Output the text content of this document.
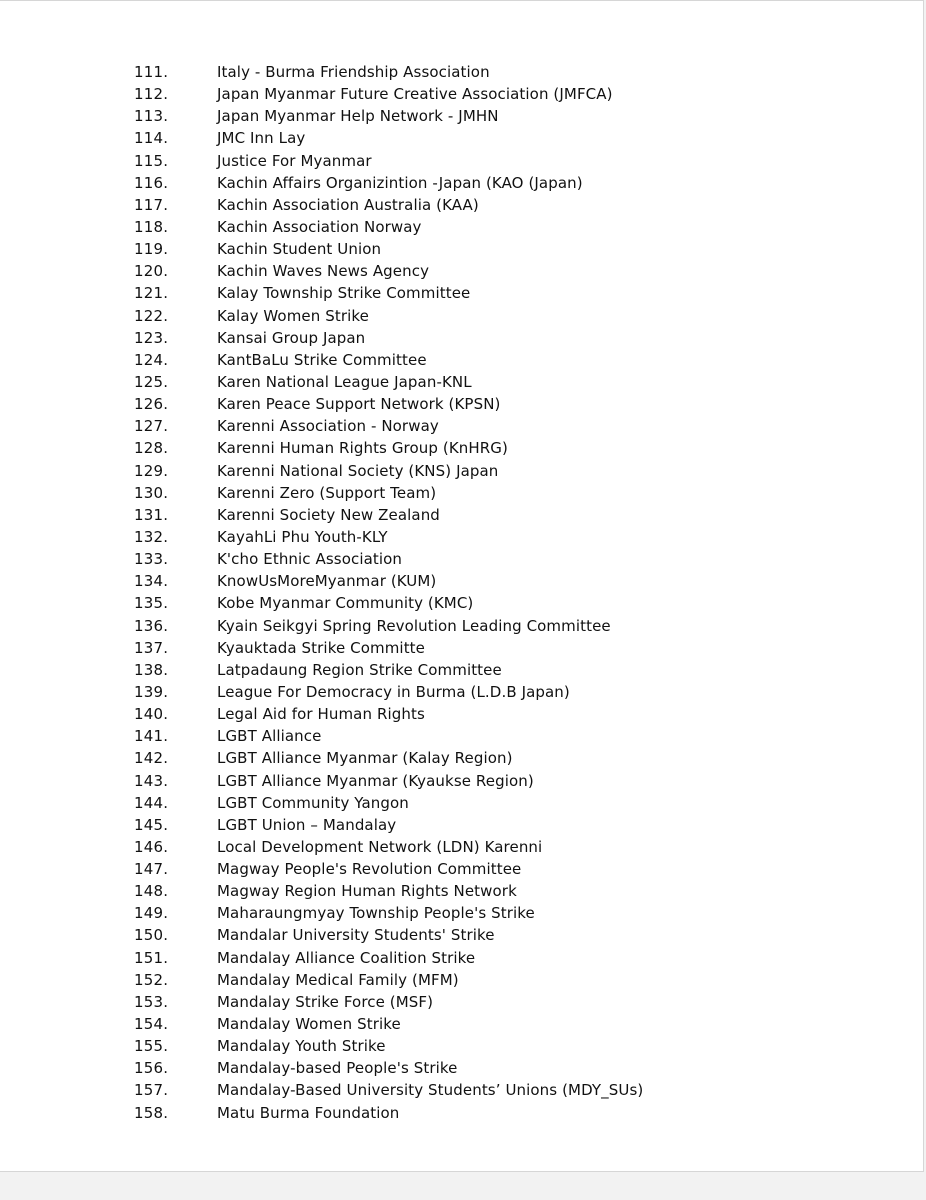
111.	Italy - Burma Friendship Association
112.	Japan Myanmar Future Creative Association (JMFCA)
113.	Japan Myanmar Help Network - JMHN
114.	JMC Inn Lay
115.	Justice For Myanmar
116.	Kachin Affairs Organizintion -Japan (KAO (Japan)
117.	Kachin Association Australia (KAA)
118.	Kachin Association Norway
119.	Kachin Student Union
120.	Kachin Waves News Agency
121.	Kalay Township Strike Committee
122.	Kalay Women Strike
123.	Kansai Group Japan
124.	KantBaLu Strike Committee
125.	Karen National League Japan-KNL
126.	Karen Peace Support Network (KPSN)
127.	Karenni Association - Norway
128.	Karenni Human Rights Group (KnHRG)
129.	Karenni National Society (KNS) Japan
130.	Karenni Zero (Support Team)
131.	Karenni Society New Zealand
132.	KayahLi Phu Youth-KLY
133.	K'cho Ethnic Association
134.	KnowUsMoreMyanmar (KUM)
135.	Kobe Myanmar Community (KMC)
136.	Kyain Seikgyi Spring Revolution Leading Committee
137.	Kyauktada Strike Committe
138.	Latpadaung Region Strike Committee
139.	League For Democracy in Burma (L.D.B Japan)
140.	Legal Aid for Human Rights
141.	LGBT Alliance
142.	LGBT Alliance Myanmar (Kalay Region)
143.	LGBT Alliance Myanmar (Kyaukse Region)
144.	LGBT Community Yangon
145.	LGBT Union – Mandalay
146.	Local Development Network (LDN) Karenni
147.	Magway People's Revolution Committee
148.	Magway Region Human Rights Network
149.	Maharaungmyay Township People's Strike
150.	Mandalar University Students' Strike
151.	Mandalay Alliance Coalition Strike
152.	Mandalay Medical Family (MFM)
153.	Mandalay Strike Force (MSF)
154.	Mandalay Women Strike
155.	Mandalay Youth Strike
156.	Mandalay-based People's Strike
157.	Mandalay-Based University Students’ Unions (MDY_SUs)
158.	Matu Burma Foundation
